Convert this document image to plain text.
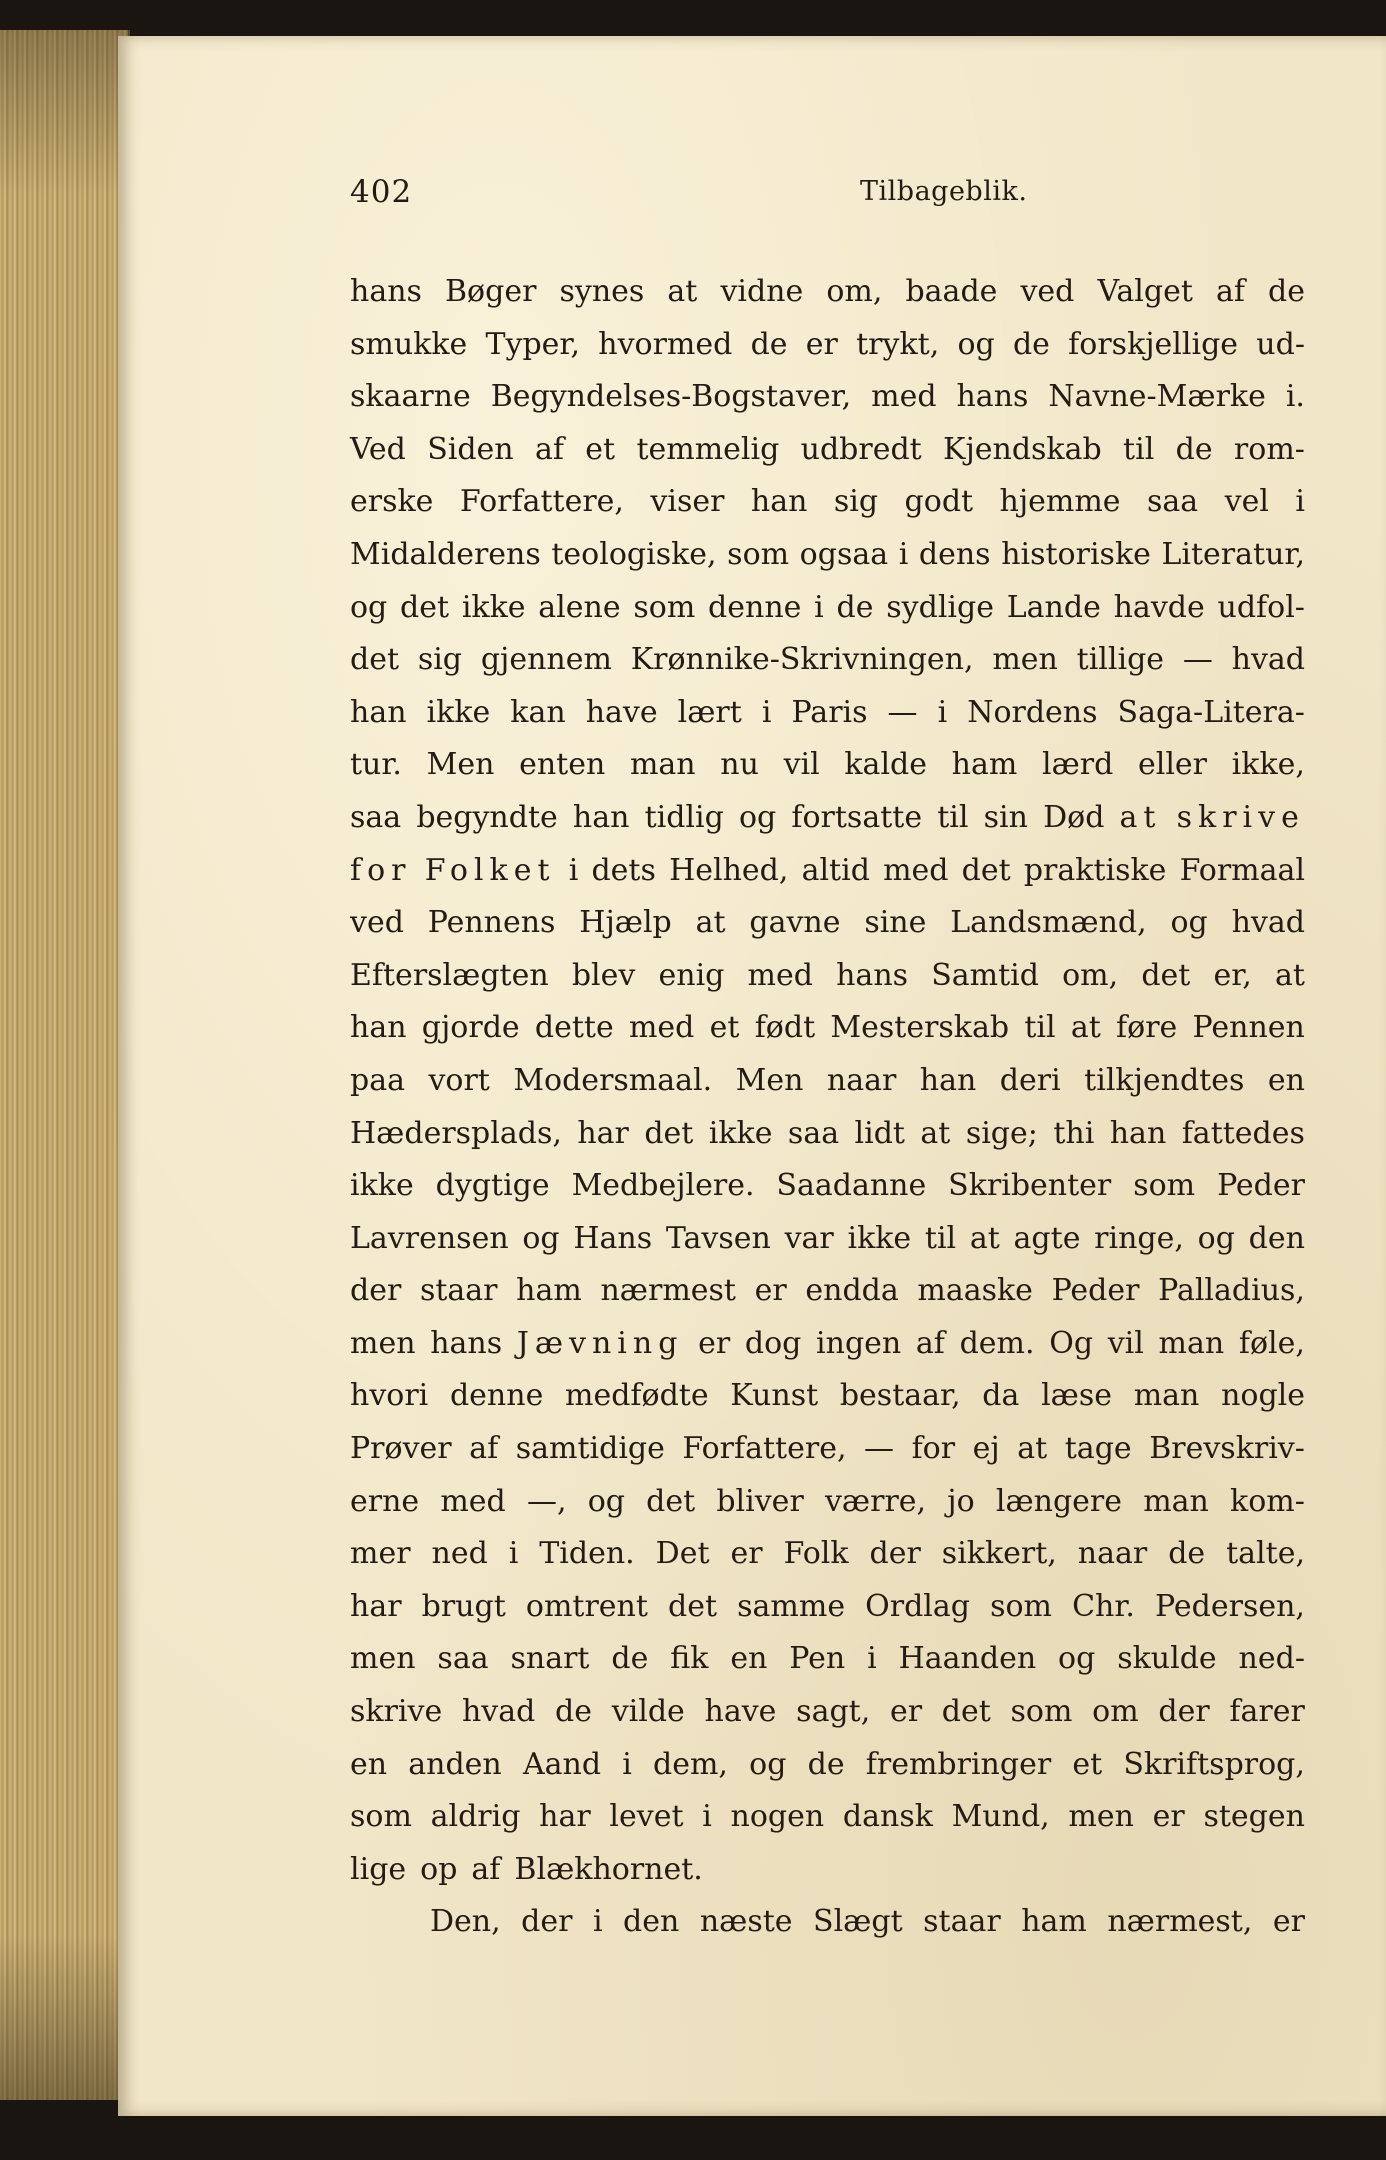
402	Tilbageblik.
hans Bøger synes at vidne om, baade ved Valget af de
smukke Typer, hvormed de er trykt, og de forskjellige ud-
skaarne Begyndelses-Bogstaver, med hans Navne-Mærke i.
Ved Siden af et temmelig udbredt Kjendskab til de rom-
erske Forfattere, viser han sig godt hjemme saa vel i
Midalderens teologiske, som ogsaa i dens historiske Literatur,
og det ikke alene som denne i de sydlige Lande havde udfol-
det sig gjennem Krønnike-Skrivningen, men tillige — hvad
han ikke kan have lært i Paris — i Nordens Saga-Litera-
tur. Men enten man nu vil kalde ham lærd eller ikke,
saa begyndte han tidlig og fortsatte til sin Død at skrive
for Folket i dets Helhed, altid med det praktiske Formaal
ved Pennens Hjælp at gavne sine Landsmænd, og hvad
Efterslægten blev enig med hans Samtid om, det er, at
han gjorde dette med et født Mesterskab til at føre Pennen
paa vort Modersmaal. Men naar han deri tilkjendtes en
Hædersplads, har det ikke saa lidt at sige; thi han fattedes
ikke dygtige Medbejlere. Saadanne Skribenter som Peder
Lavrensen og Hans Tavsen var ikke til at agte ringe, og den
der staar ham nærmest er endda maaske Peder Palladius,
men hans Jævning er dog ingen af dem. Og vil man føle,
hvori denne medfødte Kunst bestaar, da læse man nogle
Prøver af samtidige Forfattere, — for ej at tage Brevskriv-
erne med —, og det bliver værre, jo længere man kom-
mer ned i Tiden. Det er Folk der sikkert, naar de talte,
har brugt omtrent det samme Ordlag som Chr. Pedersen,
men saa snart de fik en Pen i Haanden og skulde ned-
skrive hvad de vilde have sagt, er det som om der farer
en anden Aand i dem, og de frembringer et Skriftsprog,
som aldrig har levet i nogen dansk Mund, men er stegen
lige op af Blækhornet.
Den, der i den næste Slægt staar ham nærmest, er
